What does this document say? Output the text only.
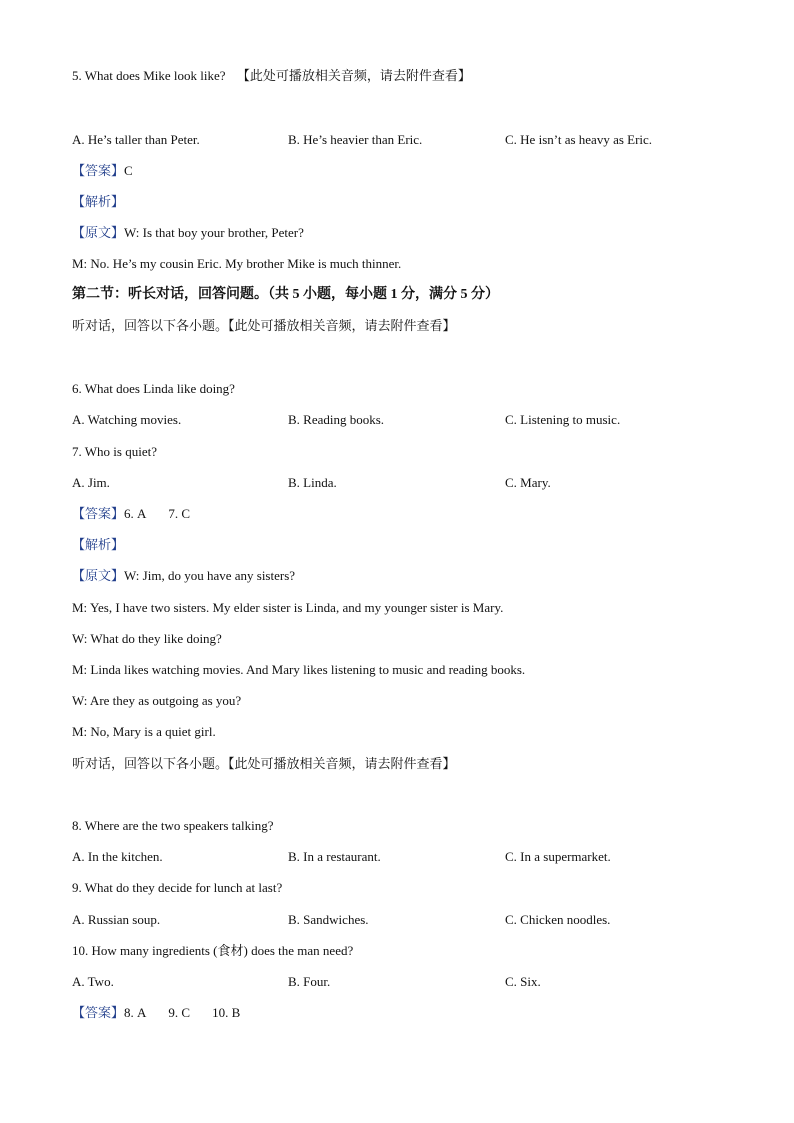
5. What does Mike look like? 【此处可播放相关音频，请去附件查看】
A. He’s taller than Peter.	B. He’s heavier than Eric.	C. He isn’t as heavy as Eric.
【答案】C
【解析】
【原文】W: Is that boy your brother, Peter?
M: No. He’s my cousin Eric. My brother Mike is much thinner.
第二节：听长对话，回答问题。（共 5 小题，每小题 1 分，满分 5 分）
听对话，回答以下各小题。【此处可播放相关音频，请去附件查看】
6. What does Linda like doing?
A. Watching movies.	B. Reading books.	C. Listening to music.
7. Who is quiet?
A. Jim.	B. Linda.	C. Mary.
【答案】6. A 7. C
【解析】
【原文】W: Jim, do you have any sisters?
M: Yes, I have two sisters. My elder sister is Linda, and my younger sister is Mary.
W: What do they like doing?
M: Linda likes watching movies. And Mary likes listening to music and reading books.
W: Are they as outgoing as you?
M: No, Mary is a quiet girl.
听对话，回答以下各小题。【此处可播放相关音频，请去附件查看】
8. Where are the two speakers talking?
A. In the kitchen.	B. In a restaurant.	C. In a supermarket.
9. What do they decide for lunch at last?
A. Russian soup.	B. Sandwiches.	C. Chicken noodles.
10. How many ingredients (食材) does the man need?
A. Two.	B. Four.	C. Six.
【答案】8. A 9. C 10. B
